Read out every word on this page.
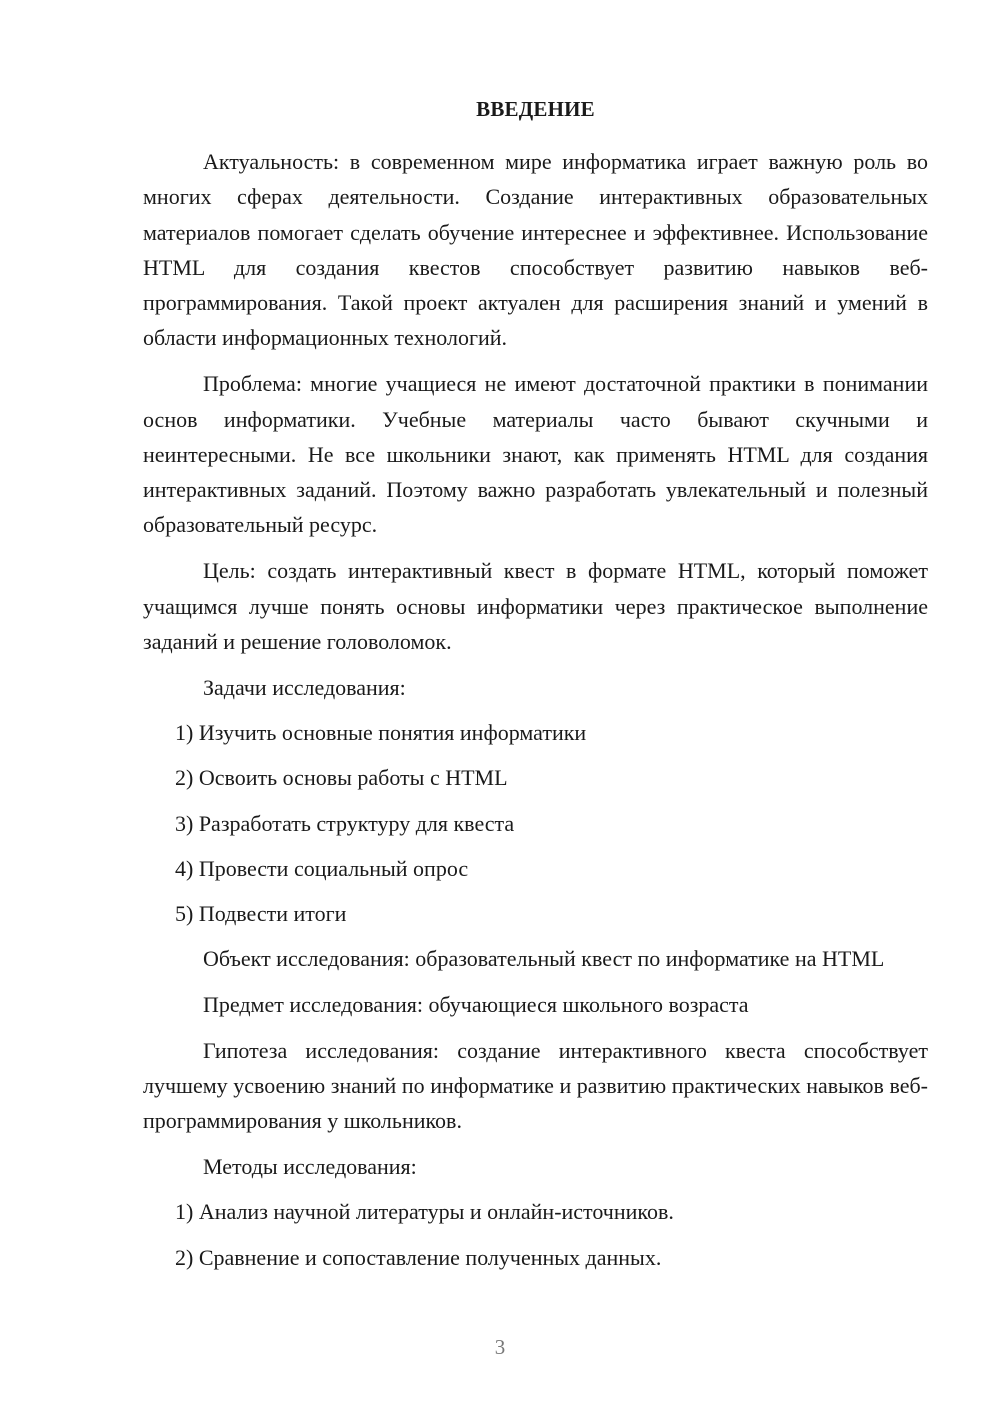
ВВЕДЕНИЕ

Актуальность: в современном мире информатика играет важную роль во многих сферах деятельности. Создание интерактивных образовательных материалов помогает сделать обучение интереснее и эффективнее. Использование HTML для создания квестов способствует развитию навыков веб-программирования. Такой проект актуален для расширения знаний и умений в области информационных технологий.

Проблема: многие учащиеся не имеют достаточной практики в понимании основ информатики. Учебные материалы часто бывают скучными и неинтересными. Не все школьники знают, как применять HTML для создания интерактивных заданий. Поэтому важно разработать увлекательный и полезный образовательный ресурс.

Цель: создать интерактивный квест в формате HTML, который поможет учащимся лучше понять основы информатики через практическое выполнение заданий и решение головоломок.

Задачи исследования:

1) Изучить основные понятия информатики

2) Освоить основы работы с HTML

3) Разработать структуру для квеста

4) Провести социальный опрос

5) Подвести итоги

Объект исследования: образовательный квест по информатике на HTML

Предмет исследования: обучающиеся школьного возраста

Гипотеза исследования: создание интерактивного квеста способствует лучшему усвоению знаний по информатике и развитию практических навыков веб-программирования у школьников.

Методы исследования:

1) Анализ научной литературы и онлайн-источников.

2) Сравнение и сопоставление полученных данных.

3
